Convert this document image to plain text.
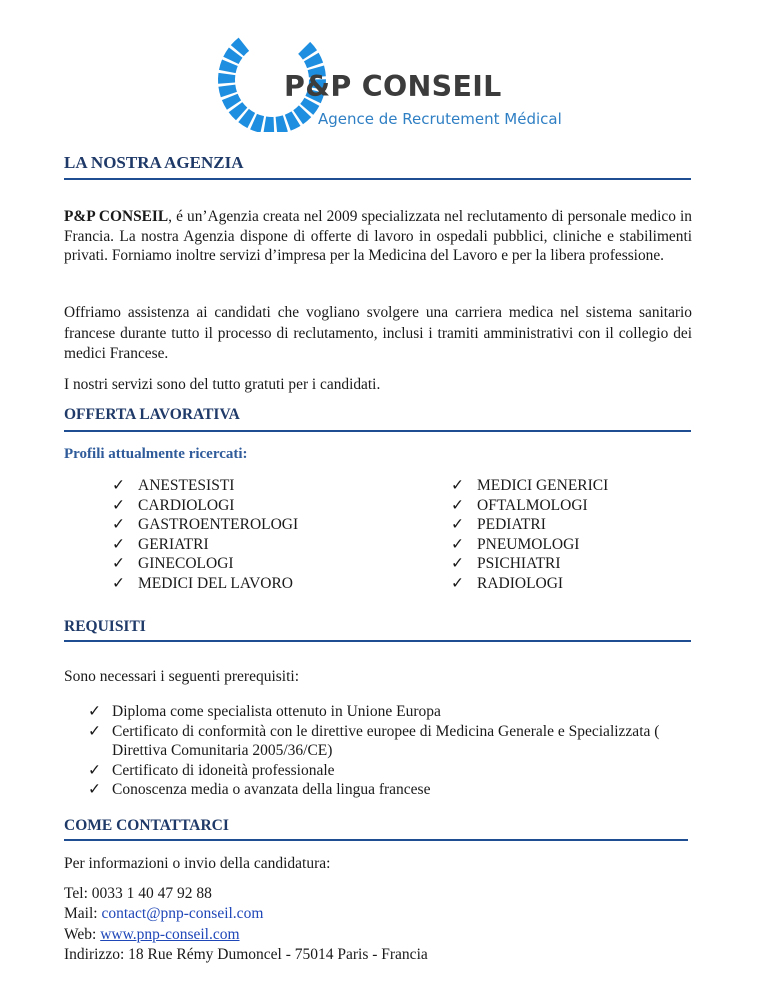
P&P CONSEIL
Agence de Recrutement Médical
LA NOSTRA AGENZIA
P&P CONSEIL, é un’Agenzia creata nel 2009 specializzata nel reclutamento di personale medico in Francia. La nostra Agenzia dispone di offerte di lavoro in ospedali pubblici, cliniche e stabilimenti privati. Forniamo inoltre servizi d’impresa per la Medicina del Lavoro e per la libera professione.
Offriamo assistenza ai candidati che vogliano svolgere una carriera medica nel sistema sanitario francese durante tutto il processo di reclutamento, inclusi i tramiti amministrativi con il collegio dei medici Francese.
I nostri servizi sono del tutto gratuti per i candidati.
OFFERTA LAVORATIVA
Profili attualmente ricercati:
✓ ANESTESISTI
✓ CARDIOLOGI
✓ GASTROENTEROLOGI
✓ GERIATRI
✓ GINECOLOGI
✓ MEDICI DEL LAVORO
✓ MEDICI GENERICI
✓ OFTALMOLOGI
✓ PEDIATRI
✓ PNEUMOLOGI
✓ PSICHIATRI
✓ RADIOLOGI
REQUISITI
Sono necessari i seguenti prerequisiti:
✓ Diploma come specialista ottenuto in Unione Europa
✓ Certificato di conformità con le direttive europee di Medicina Generale e Specializzata ( Direttiva Comunitaria 2005/36/CE)
✓ Certificato di idoneità professionale
✓ Conoscenza media o avanzata della lingua francese
COME CONTATTARCI
Per informazioni o invio della candidatura:
Tel: 0033 1 40 47 92 88
Mail: contact@pnp-conseil.com
Web: www.pnp-conseil.com
Indirizzo: 18 Rue Rémy Dumoncel - 75014 Paris - Francia
